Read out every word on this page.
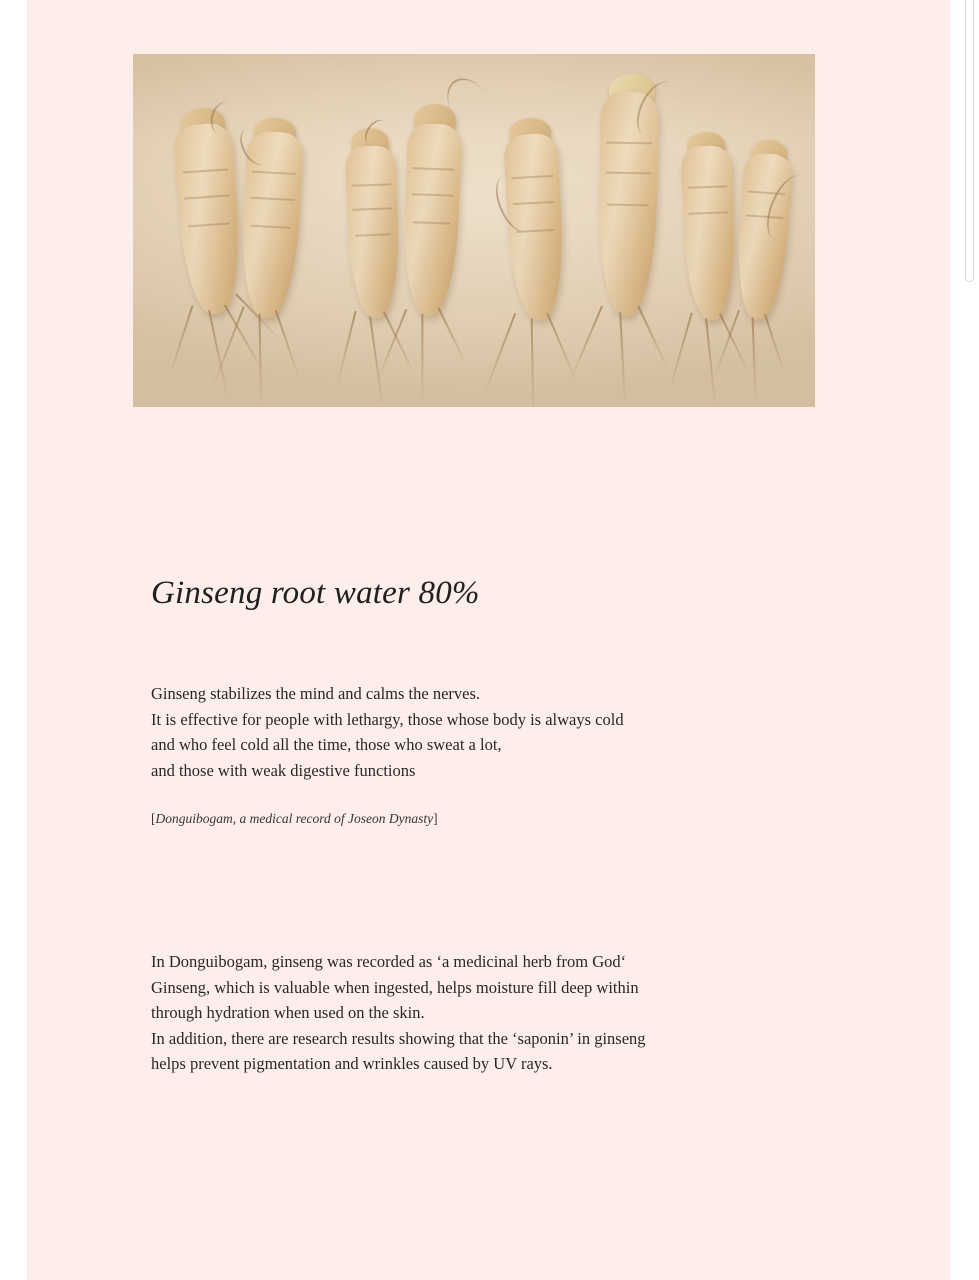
Ginseng root water 80%
Ginseng stabilizes the mind and calms the nerves.
It is effective for people with lethargy, those whose body is always cold
and who feel cold all the time, those who sweat a lot,
and those with weak digestive functions
[Donguibogam, a medical record of Joseon Dynasty]
In Donguibogam, ginseng was recorded as ‘a medicinal herb from God‘
Ginseng, which is valuable when ingested, helps moisture fill deep within
through hydration when used on the skin.
In addition, there are research results showing that the ‘saponin’ in ginseng
helps prevent pigmentation and wrinkles caused by UV rays.
